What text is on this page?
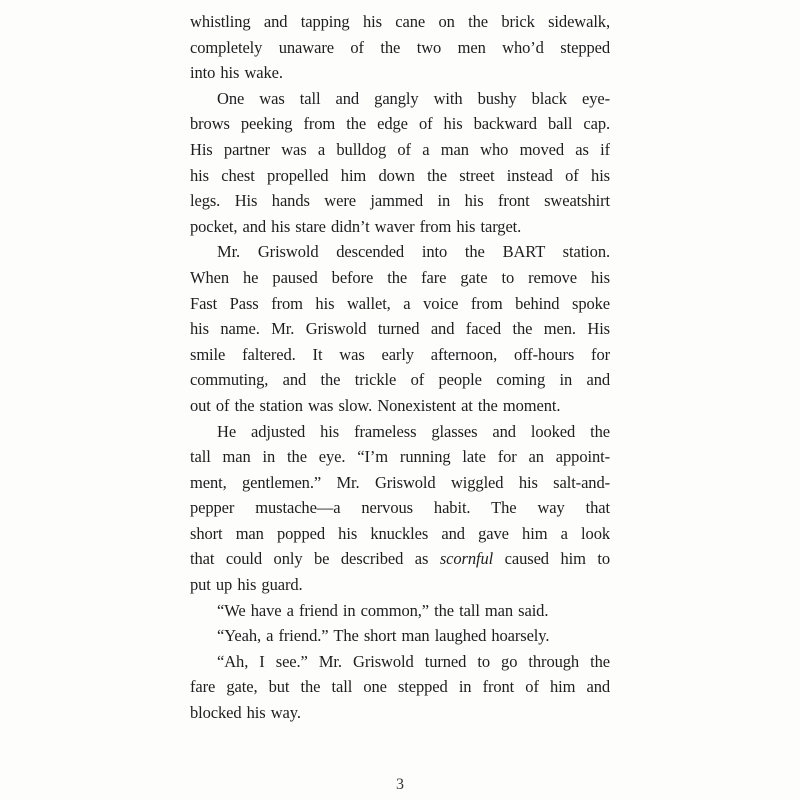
whistling and tapping his cane on the brick sidewalk,
completely unaware of the two men who’d stepped
into his wake.
One was tall and gangly with bushy black eye-
brows peeking from the edge of his backward ball cap.
His partner was a bulldog of a man who moved as if
his chest propelled him down the street instead of his
legs. His hands were jammed in his front sweatshirt
pocket, and his stare didn’t waver from his target.
Mr. Griswold descended into the BART station.
When he paused before the fare gate to remove his
Fast Pass from his wallet, a voice from behind spoke
his name. Mr. Griswold turned and faced the men. His
smile faltered. It was early afternoon, off-hours for
commuting, and the trickle of people coming in and
out of the station was slow. Nonexistent at the moment.
He adjusted his frameless glasses and looked the
tall man in the eye. “I’m running late for an appoint-
ment, gentlemen.” Mr. Griswold wiggled his salt-and-
pepper mustache—a nervous habit. The way that
short man popped his knuckles and gave him a look
that could only be described as scornful caused him to
put up his guard.
“We have a friend in common,” the tall man said.
“Yeah, a friend.” The short man laughed hoarsely.
“Ah, I see.” Mr. Griswold turned to go through the
fare gate, but the tall one stepped in front of him and
blocked his way.
3
